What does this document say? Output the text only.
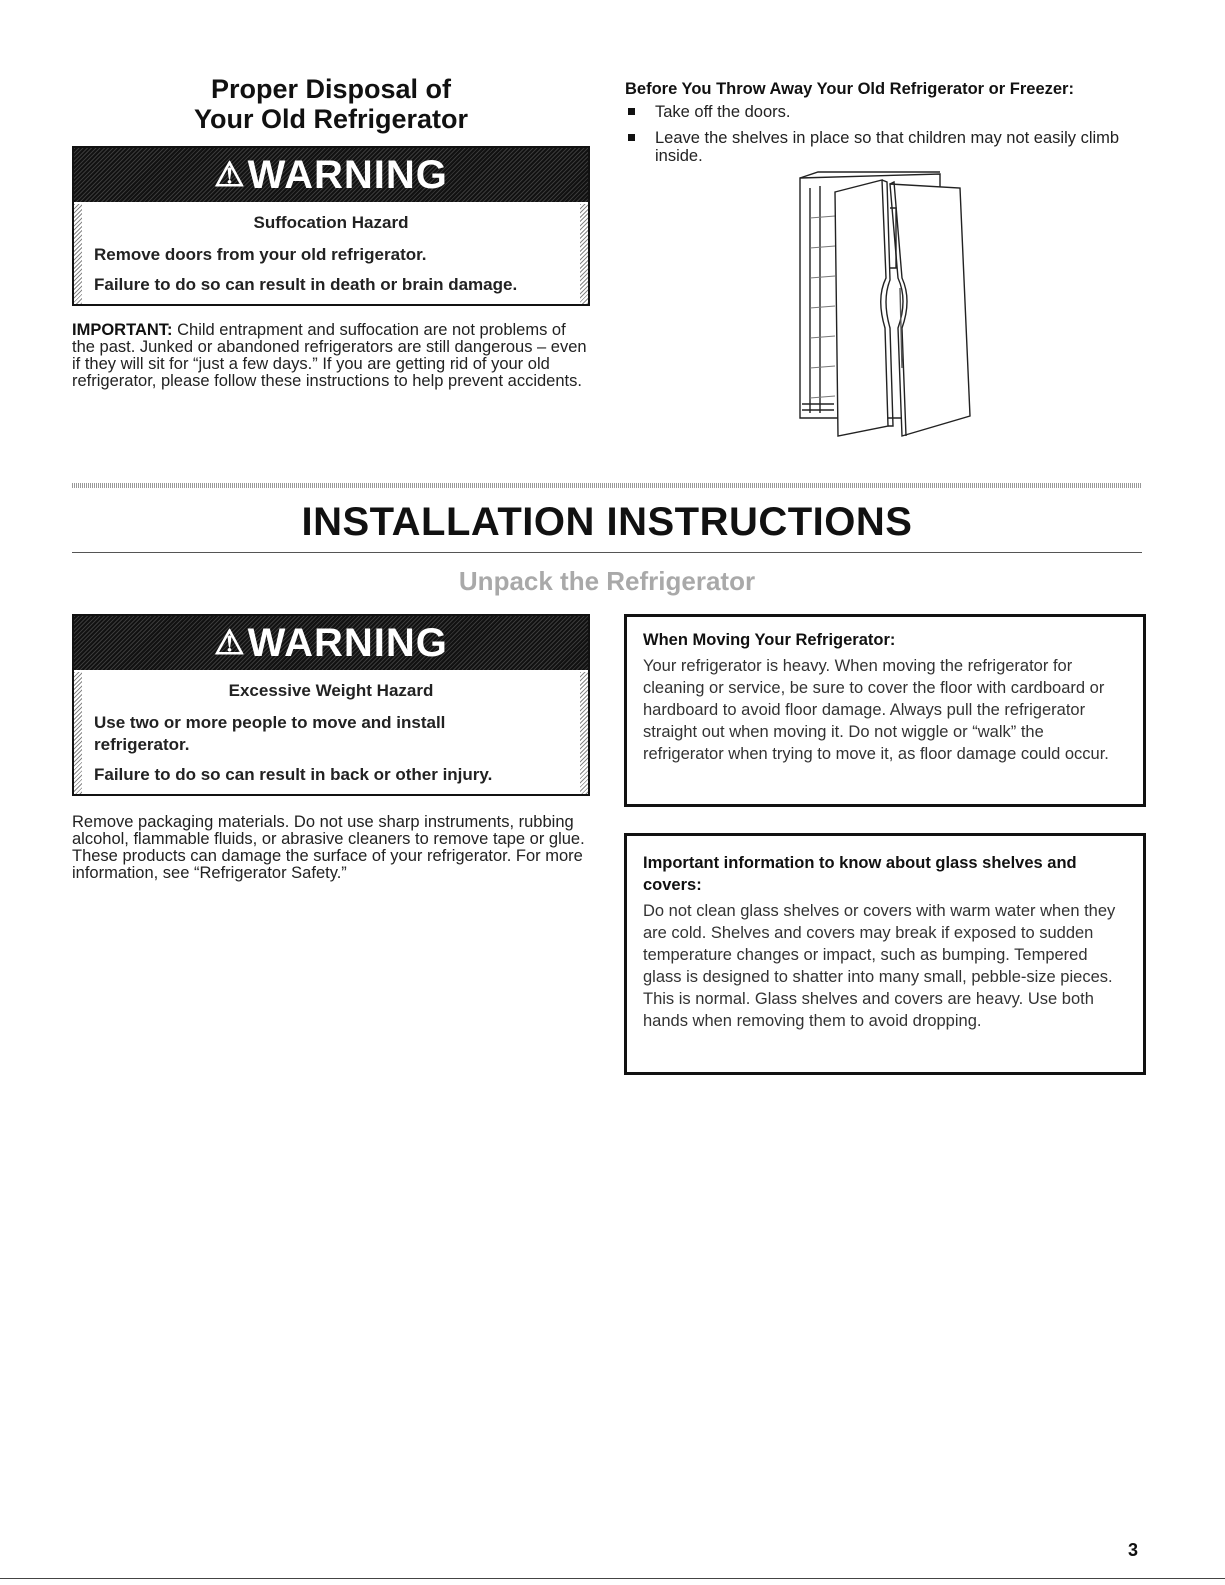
Proper Disposal of
Your Old Refrigerator
⚠ WARNING
Suffocation Hazard

Remove doors from your old refrigerator.

Failure to do so can result in death or brain damage.

IMPORTANT: Child entrapment and suffocation are not problems of the past. Junked or abandoned refrigerators are still dangerous – even if they will sit for “just a few days.” If you are getting rid of your old refrigerator, please follow these instructions to help prevent accidents.
Before You Throw Away Your Old Refrigerator or Freezer:
Take off the doors.
Leave the shelves in place so that children may not easily climb inside.
INSTALLATION INSTRUCTIONS
Unpack the Refrigerator
⚠ WARNING
Excessive Weight Hazard

Use two or more people to move and install refrigerator.

Failure to do so can result in back or other injury.

Remove packaging materials. Do not use sharp instruments, rubbing alcohol, flammable fluids, or abrasive cleaners to remove tape or glue. These products can damage the surface of your refrigerator. For more information, see “Refrigerator Safety.”
When Moving Your Refrigerator:
Your refrigerator is heavy. When moving the refrigerator for cleaning or service, be sure to cover the floor with cardboard or hardboard to avoid floor damage. Always pull the refrigerator straight out when moving it. Do not wiggle or “walk” the refrigerator when trying to move it, as floor damage could occur.
Important information to know about glass shelves and covers:
Do not clean glass shelves or covers with warm water when they are cold. Shelves and covers may break if exposed to sudden temperature changes or impact, such as bumping. Tempered glass is designed to shatter into many small, pebble-size pieces. This is normal. Glass shelves and covers are heavy. Use both hands when removing them to avoid dropping.
3
